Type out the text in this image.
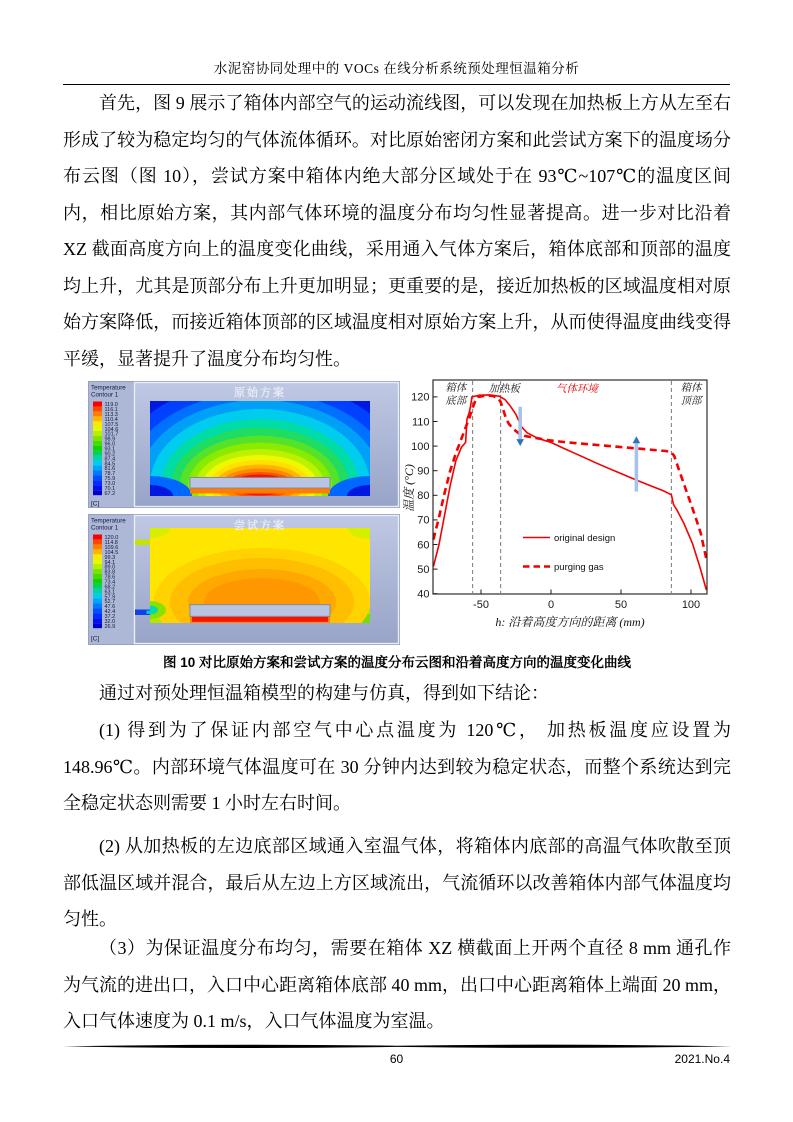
水泥窑协同处理中的 VOCs 在线分析系统预处理恒温箱分析

首先，图 9 展示了箱体内部空气的运动流线图，可以发现在加热板上方从左至右形成了较为稳定均匀的气体流体循环。对比原始密闭方案和此尝试方案下的温度场分布云图（图 10），尝试方案中箱体内绝大部分区域处于在 93℃~107℃的温度区间内，相比原始方案，其内部气体环境的温度分布均匀性显著提高。进一步对比沿着 XZ 截面高度方向上的温度变化曲线，采用通入气体方案后，箱体底部和顶部的温度均上升，尤其是顶部分布上升更加明显；更重要的是，接近加热板的区域温度相对原始方案降低，而接近箱体顶部的区域温度相对原始方案上升，从而使得温度曲线变得平缓，显著提升了温度分布均匀性。

原始方案
Temperature
Contour 1
119.0
116.1
113.3
110.4
107.5
104.6
101.7
98.9
96.0
93.1
90.2
87.4
84.5
81.6
78.7
75.9
73.0
70.1
67.2
[C]
尝试方案
Temperature
Contour 1
120.0
114.8
109.6
104.5
99.3
94.1
89.0
83.8
78.6
73.4
68.2
63.1
57.9
52.7
47.6
42.4
37.2
32.0
26.9
[C]
-50	0	50	100
40
50
60
70
80
90
100
110
120
h: 沿着高度方向的距离 (mm)
温度 (°C)
箱体
底部
加热板	气体环境	箱体
顶部
original design
purging gas
图 10 对比原始方案和尝试方案的温度分布云图和沿着高度方向的温度变化曲线

通过对预处理恒温箱模型的构建与仿真，得到如下结论：

(1) 得到为了保证内部空气中心点温度为 120℃， 加热板温度应设置为 148.96℃。内部环境气体温度可在 30 分钟内达到较为稳定状态，而整个系统达到完全稳定状态则需要 1 小时左右时间。

(2) 从加热板的左边底部区域通入室温气体，将箱体内底部的高温气体吹散至顶部低温区域并混合，最后从左边上方区域流出，气流循环以改善箱体内部气体温度均匀性。

（3）为保证温度分布均匀，需要在箱体 XZ 横截面上开两个直径 8 mm 通孔作为气流的进出口，入口中心距离箱体底部 40 mm，出口中心距离箱体上端面 20 mm，入口气体速度为 0.1 m/s，入口气体温度为室温。

60	2021.No.4
